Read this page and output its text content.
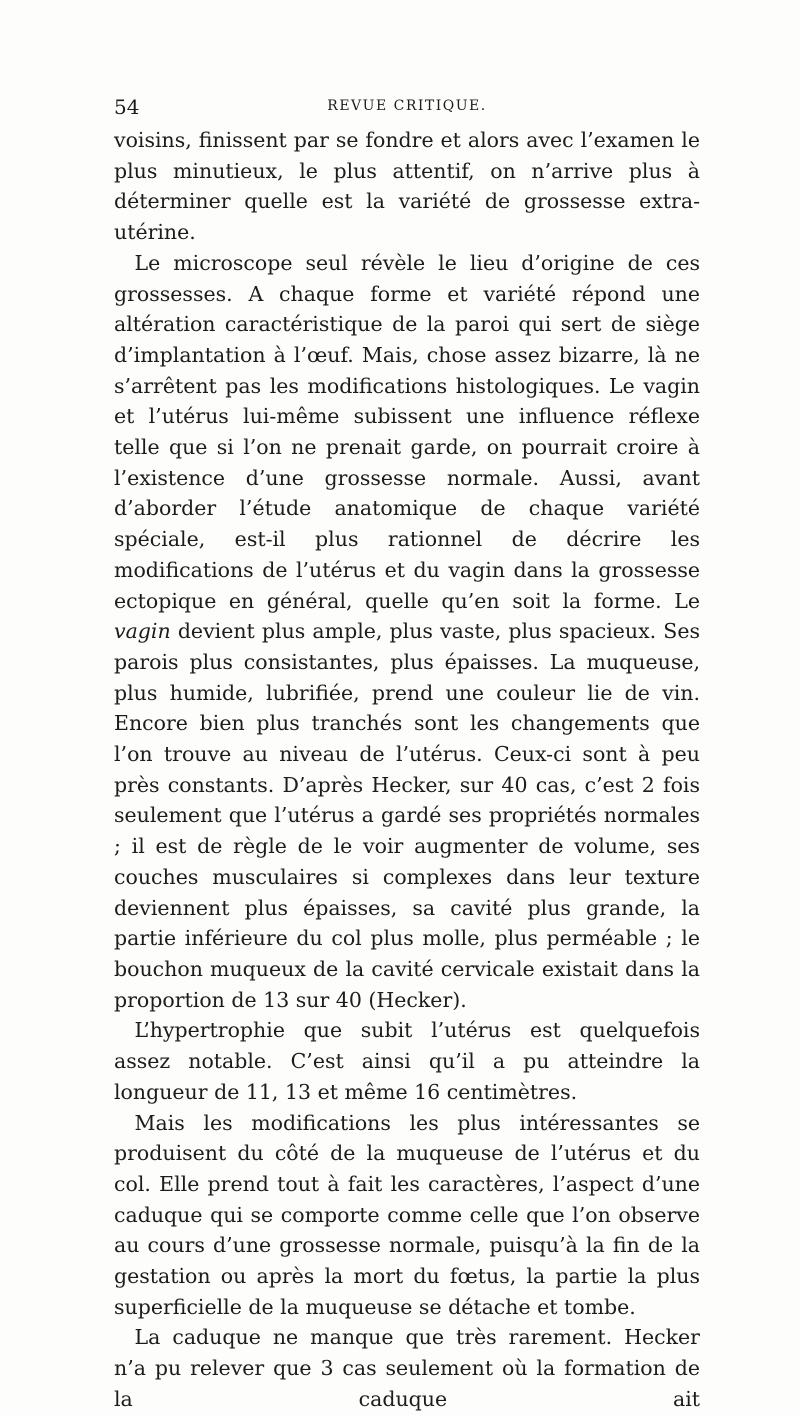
54	REVUE CRITIQUE.

voisins, finissent par se fondre et alors avec l’examen le plus minutieux, le plus attentif, on n’arrive plus à déterminer quelle est la variété de grossesse extra-utérine.

Le microscope seul révèle le lieu d’origine de ces grossesses. A chaque forme et variété répond une altération caractéristique de la paroi qui sert de siège d’implantation à l’œuf. Mais, chose assez bizarre, là ne s’arrêtent pas les modifications histologiques. Le vagin et l’utérus lui-même subissent une influence réflexe telle que si l’on ne prenait garde, on pourrait croire à l’existence d’une grossesse normale. Aussi, avant d’aborder l’étude anatomique de chaque variété spéciale, est-il plus rationnel de décrire les modifications de l’utérus et du vagin dans la grossesse ectopique en général, quelle qu’en soit la forme. Le vagin devient plus ample, plus vaste, plus spacieux. Ses parois plus consistantes, plus épaisses. La muqueuse, plus humide, lubrifiée, prend une couleur lie de vin. Encore bien plus tranchés sont les changements que l’on trouve au niveau de l’utérus. Ceux-ci sont à peu près constants. D’après Hecker, sur 40 cas, c’est 2 fois seulement que l’utérus a gardé ses propriétés normales ; il est de règle de le voir augmenter de volume, ses couches musculaires si complexes dans leur texture deviennent plus épaisses, sa cavité plus grande, la partie inférieure du col plus molle, plus perméable ; le bouchon muqueux de la cavité cervicale existait dans la proportion de 13 sur 40 (Hecker).

L’hypertrophie que subit l’utérus est quelquefois assez notable. C’est ainsi qu’il a pu atteindre la longueur de 11, 13 et même 16 centimètres.

Mais les modifications les plus intéressantes se produisent du côté de la muqueuse de l’utérus et du col. Elle prend tout à fait les caractères, l’aspect d’une caduque qui se comporte comme celle que l’on observe au cours d’une grossesse normale, puisqu’à la fin de la gestation ou après la mort du fœtus, la partie la plus superficielle de la muqueuse se détache et tombe.

La caduque ne manque que très rarement. Hecker n’a pu relever que 3 cas seulement où la formation de la caduque ait
